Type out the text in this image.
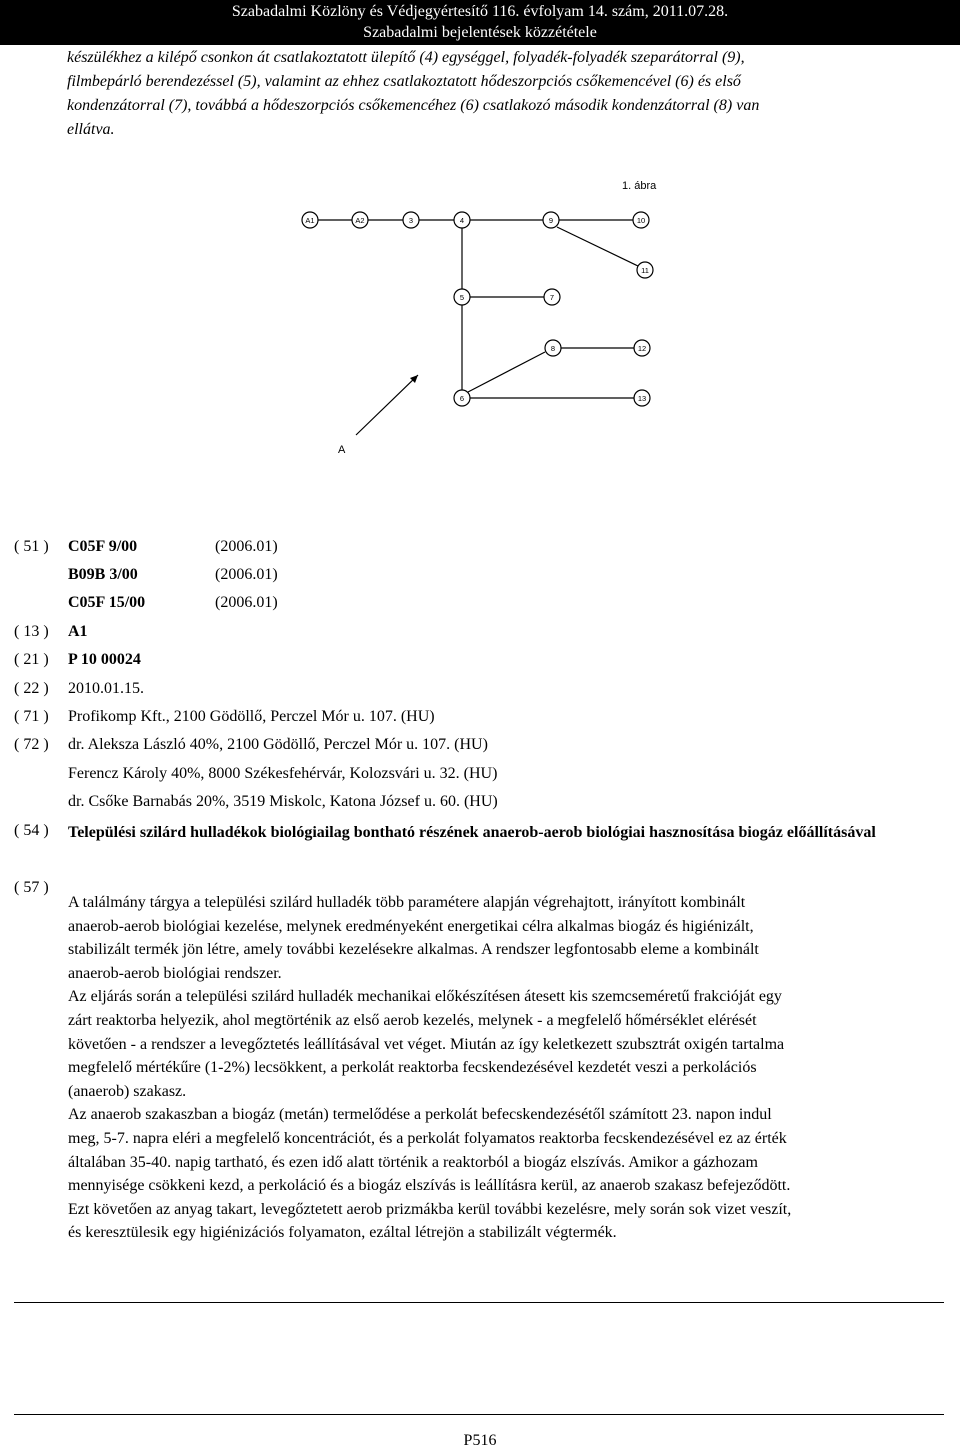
Szabadalmi Közlöny és Védjegyértesítő 116. évfolyam 14. szám, 2011.07.28.
Szabadalmi bejelentések közzététele
készülékhez a kilépő csonkon át csatlakoztatott ülepítő (4) egységgel, folyadék-folyadék szeparátorral (9),
filmbepárló berendezéssel (5), valamint az ehhez csatlakoztatott hődeszorpciós csőkemencével (6) és első
kondenzátorral (7), továbbá a hődeszorpciós csőkemencéhez (6) csatlakozó második kondenzátorral (8) van
ellátva.
1. ábra
A1	A2	3	4	9	10
11
5	7
8	12
6	13
A
( 51 ) C05F 9/00	(2006.01)
B09B 3/00	(2006.01)
C05F 15/00	(2006.01)
( 13 ) A1
( 21 ) P 10 00024
( 22 ) 2010.01.15.
( 71 ) Profikomp Kft., 2100 Gödöllő, Perczel Mór u. 107. (HU)
( 72 ) dr. Aleksza László 40%, 2100 Gödöllő, Perczel Mór u. 107. (HU)
Ferencz Károly 40%, 8000 Székesfehérvár, Kolozsvári u. 32. (HU)
dr. Csőke Barnabás 20%, 3519 Miskolc, Katona József u. 60. (HU)
( 54 ) Települési szilárd hulladékok biológiailag bontható részének anaerob-aerob biológiai hasznosítása biogáz előállításával
( 57 )
A találmány tárgya a települési szilárd hulladék több paramétere alapján végrehajtott, irányított kombinált
anaerob-aerob biológiai kezelése, melynek eredményeként energetikai célra alkalmas biogáz és higiénizált,
stabilizált termék jön létre, amely további kezelésekre alkalmas. A rendszer legfontosabb eleme a kombinált
anaerob-aerob biológiai rendszer.
Az eljárás során a települési szilárd hulladék mechanikai előkészítésen átesett kis szemcseméretű frakcióját egy
zárt reaktorba helyezik, ahol megtörténik az első aerob kezelés, melynek - a megfelelő hőmérséklet elérését
követően - a rendszer a levegőztetés leállításával vet véget. Miután az így keletkezett szubsztrát oxigén tartalma
megfelelő mértékűre (1-2%) lecsökkent, a perkolát reaktorba fecskendezésével kezdetét veszi a perkolációs
(anaerob) szakasz.
Az anaerob szakaszban a biogáz (metán) termelődése a perkolát befecskendezésétől számított 23. napon indul
meg, 5-7. napra eléri a megfelelő koncentrációt, és a perkolát folyamatos reaktorba fecskendezésével ez az érték
általában 35-40. napig tartható, és ezen idő alatt történik a reaktorból a biogáz elszívás. Amikor a gázhozam
mennyisége csökkeni kezd, a perkoláció és a biogáz elszívás is leállításra kerül, az anaerob szakasz befejeződött.
Ezt követően az anyag takart, levegőztetett aerob prizmákba kerül további kezelésre, mely során sok vizet veszít,
és keresztülesik egy higiénizációs folyamaton, ezáltal létrejön a stabilizált végtermék.
P516
